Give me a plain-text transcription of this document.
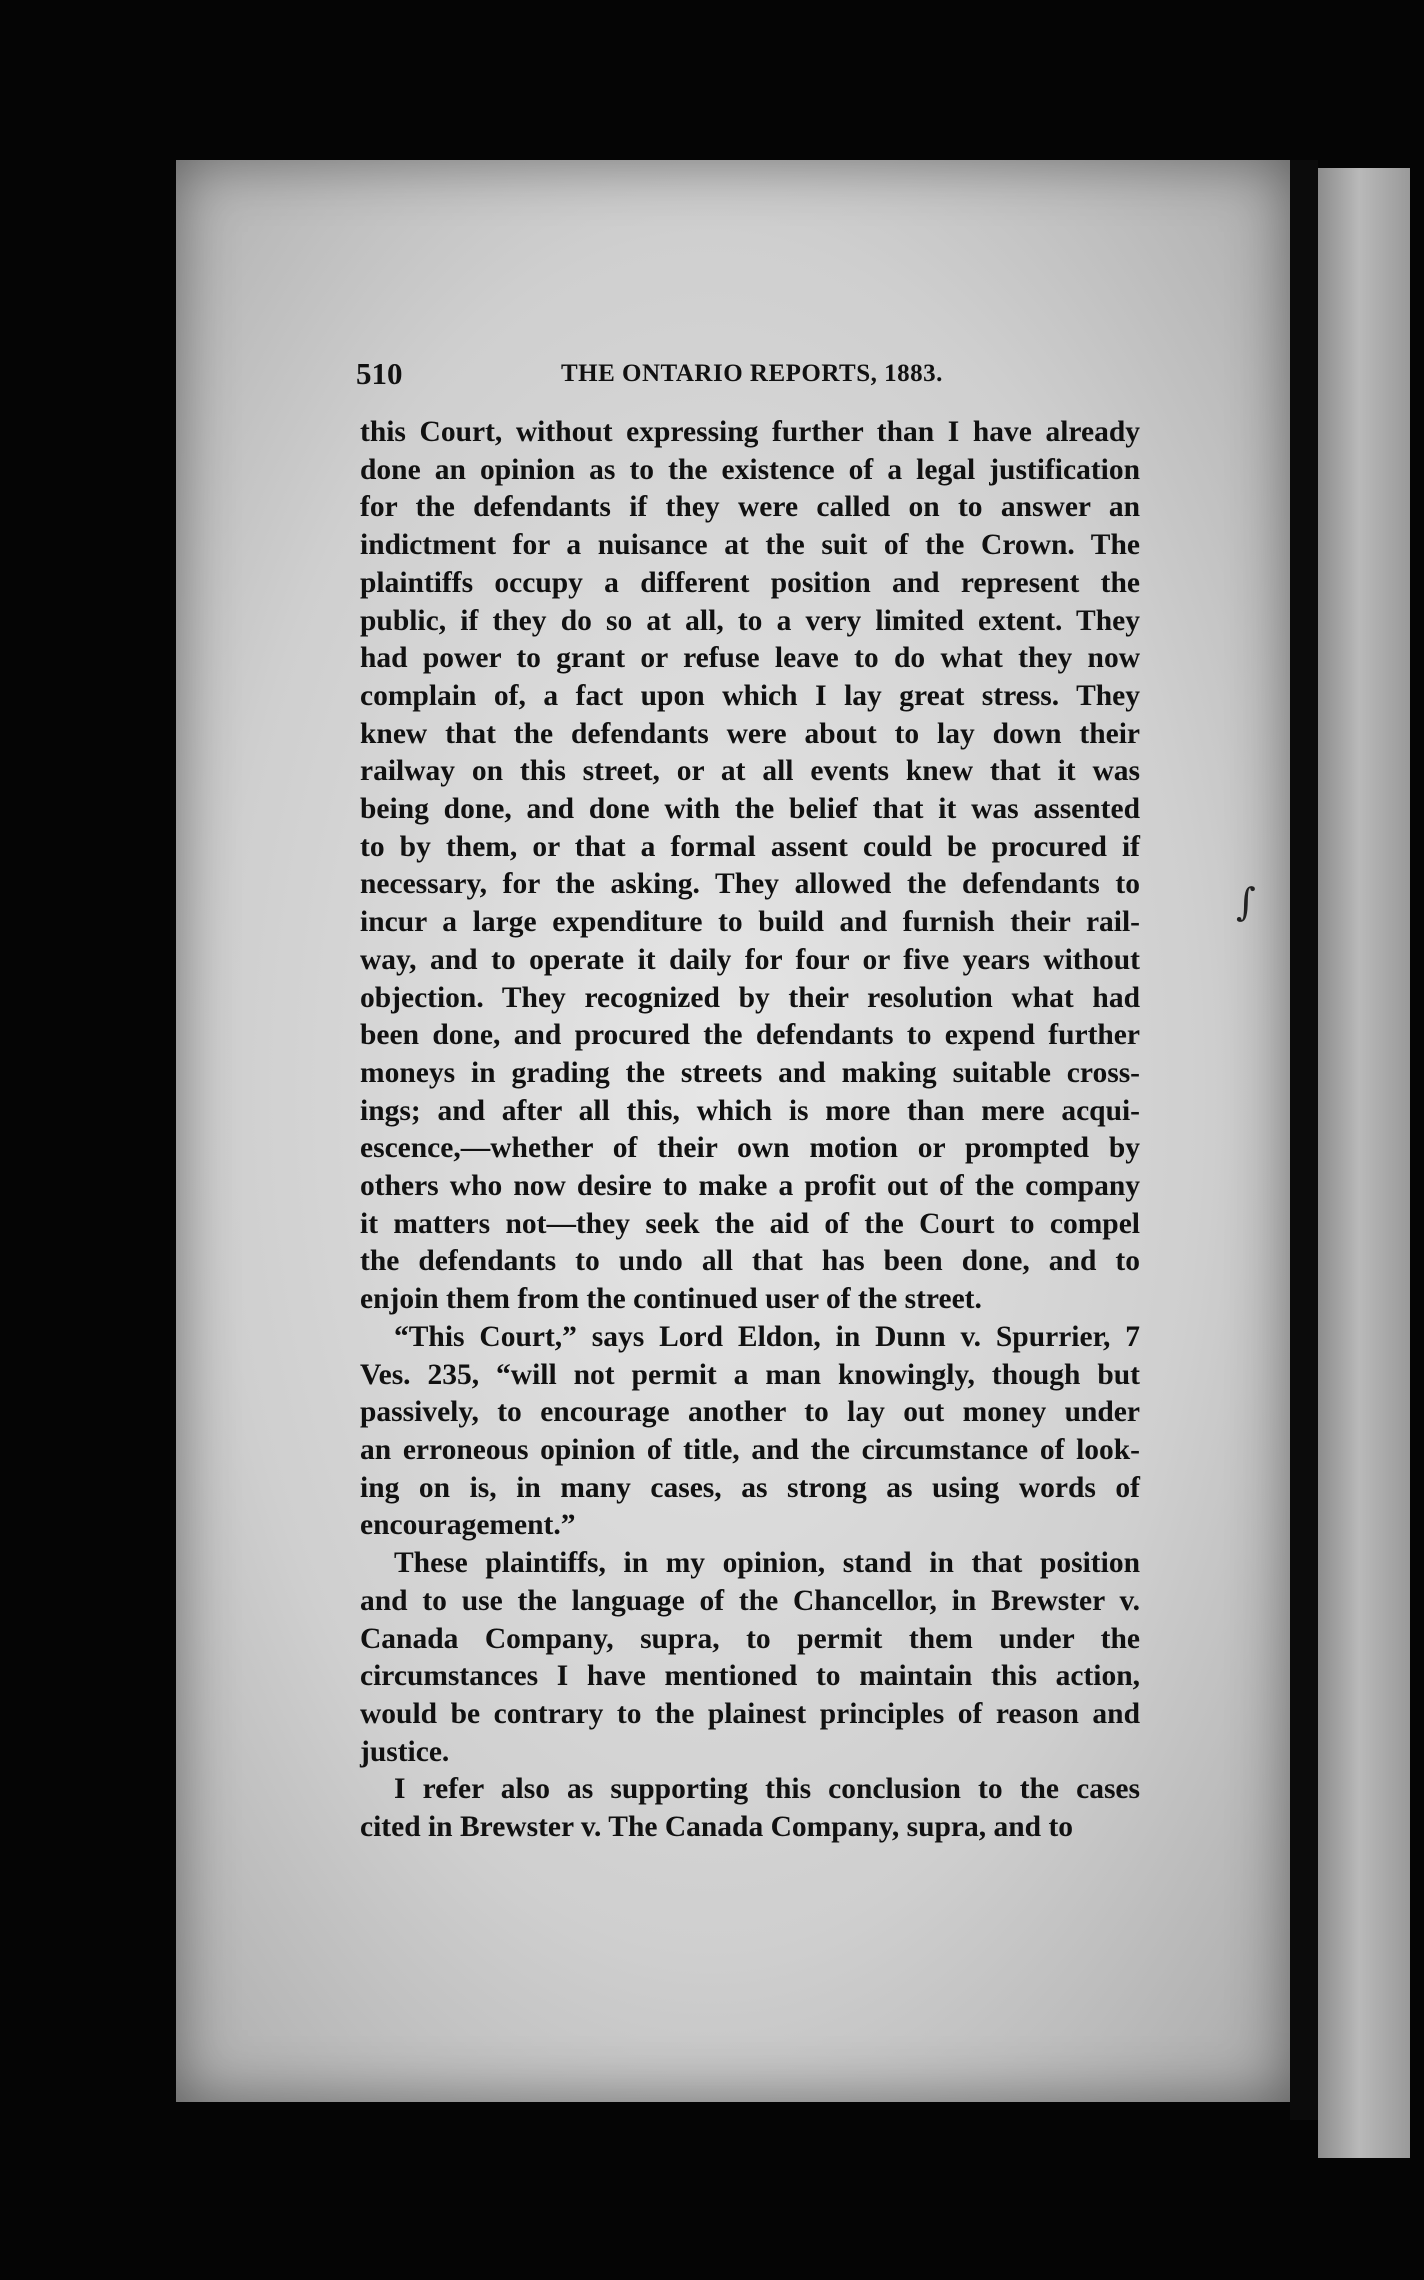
510	THE ONTARIO REPORTS, 1883.
this Court, without expressing further than I have already
done an opinion as to the existence of a legal justification
for the defendants if they were called on to answer an
indictment for a nuisance at the suit of the Crown. The
plaintiffs occupy a different position and represent the
public, if they do so at all, to a very limited extent. They
had power to grant or refuse leave to do what they now
complain of, a fact upon which I lay great stress. They
knew that the defendants were about to lay down their
railway on this street, or at all events knew that it was
being done, and done with the belief that it was assented
to by them, or that a formal assent could be procured if
necessary, for the asking. They allowed the defendants to
incur a large expenditure to build and furnish their rail-
way, and to operate it daily for four or five years without
objection. They recognized by their resolution what had
been done, and procured the defendants to expend further
moneys in grading the streets and making suitable cross-
ings; and after all this, which is more than mere acqui-
escence,—whether of their own motion or prompted by
others who now desire to make a profit out of the company
it matters not—they seek the aid of the Court to compel
the defendants to undo all that has been done, and to
enjoin them from the continued user of the street.
“This Court,” says Lord Eldon, in Dunn v. Spurrier, 7
Ves. 235, “will not permit a man knowingly, though but
passively, to encourage another to lay out money under
an erroneous opinion of title, and the circumstance of look-
ing on is, in many cases, as strong as using words of
encouragement.”
These plaintiffs, in my opinion, stand in that position
and to use the language of the Chancellor, in Brewster v.
Canada Company, supra, to permit them under the
circumstances I have mentioned to maintain this action,
would be contrary to the plainest principles of reason and
justice.
I refer also as supporting this conclusion to the cases
cited in Brewster v. The Canada Company, supra, and to
∫
